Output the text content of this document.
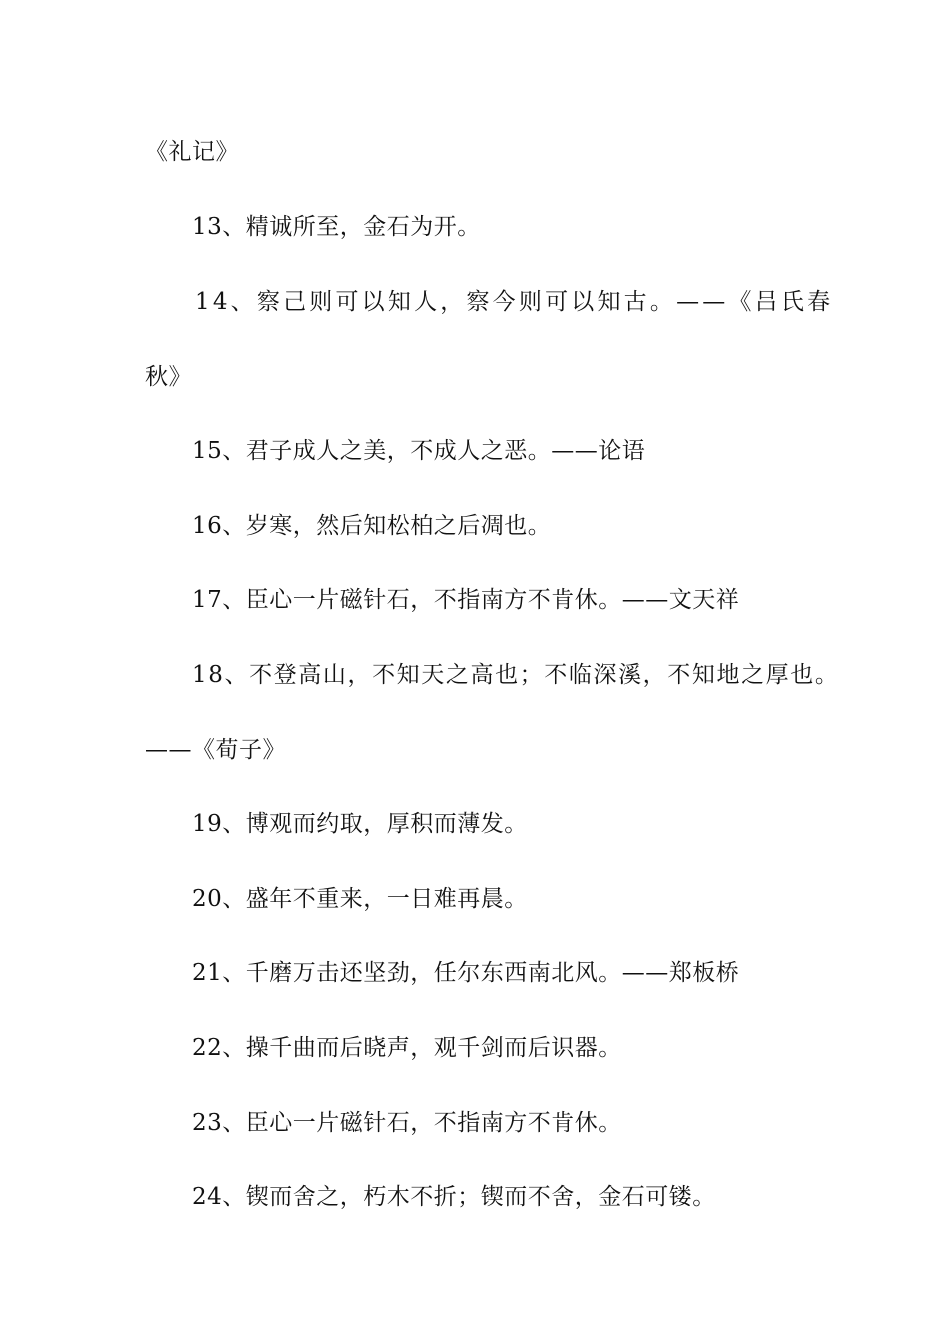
《礼记》
13、精诚所至，金石为开。
14、察己则可以知人，察今则可以知古。——《吕氏春
秋》
15、君子成人之美，不成人之恶。——论语
16、岁寒，然后知松柏之后凋也。
17、臣心一片磁针石，不指南方不肯休。——文天祥
18、不登高山，不知天之高也；不临深溪，不知地之厚也。
——《荀子》
19、博观而约取，厚积而薄发。
20、盛年不重来，一日难再晨。
21、千磨万击还坚劲，任尔东西南北风。——郑板桥
22、操千曲而后晓声，观千剑而后识器。
23、臣心一片磁针石，不指南方不肯休。
24、锲而舍之，朽木不折；锲而不舍，金石可镂。
